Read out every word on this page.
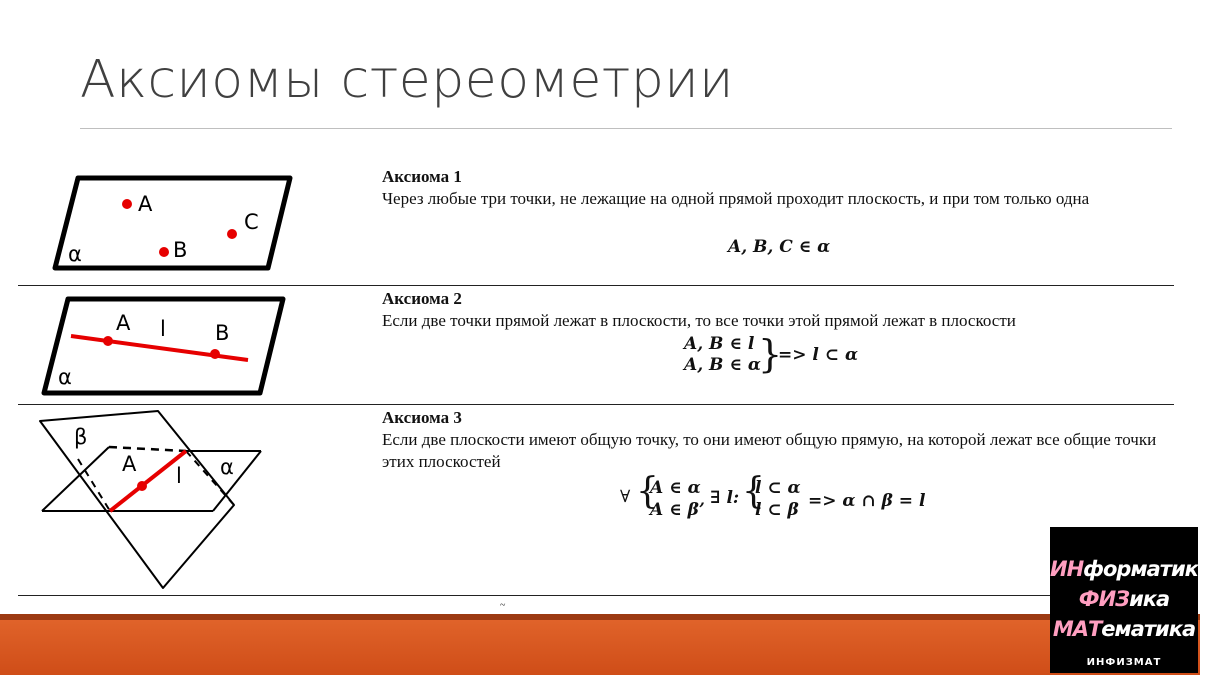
Аксиомы стереометрии
A
B
C
α
Аксиома 1
Через любые три точки, не лежащие на одной прямой проходит плоскость, и при том только одна
A, B, C ∈ α
A l B
α
Аксиома 2
Если две точки прямой лежат в плоскости, то все точки этой прямой лежат в плоскости
A, B ∈ l
A, B ∈ α
}
=> l ⊂ α
A l α
β
Аксиома 3
Если две плоскости имеют общую точку, то они имеют общую прямую, на которой лежат все общие точки этих плоскостей
∀ {
A ∈ α
A ∈ β’
∃ l: {
l ⊂ α
l ⊂ β => α ∩ β = l
~
ИНформатика
ФИЗика
МАТематика
ИНФИЗМАТ
